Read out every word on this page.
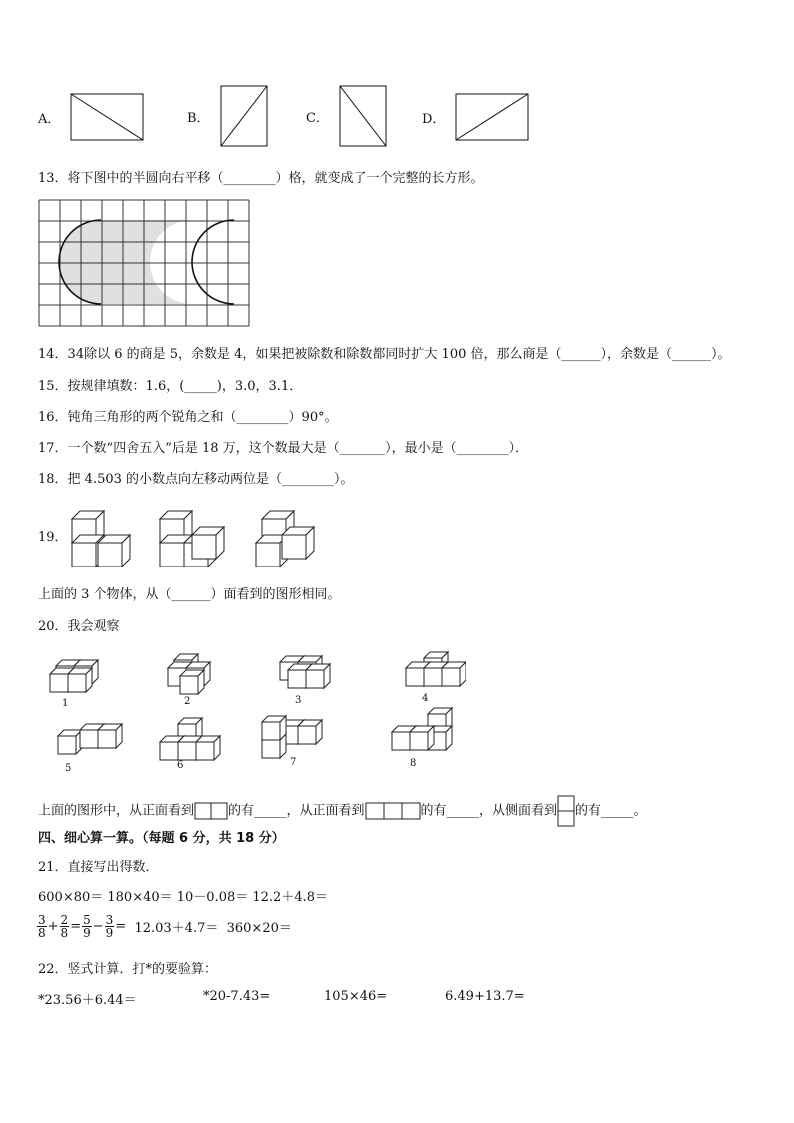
A．	B．	C．	D．
13．将下图中的半圆向右平移（________）格，就变成了一个完整的长方形。
14．34除以 6 的商是 5，余数是 4，如果把被除数和除数都同时扩大 100 倍，那么商是（______），余数是（______）。
15．按规律填数：1.6，(_____)，3.0，3.1．
16．钝角三角形的两个锐角之和（________）90°。
17．一个数“四舍五入”后是 18 万，这个数最大是（_______），最小是（________）．
18．把 4.503 的小数点向左移动两位是（________）。
19．
上面的 3 个物体，从（______）面看到的图形相同。
20．我会观察
1	2	3	4
5	6	7	8
上面的图形中，从正面看到	的有_____，从正面看到	的有_____，从侧面看到 的有_____。
四、细心算一算。（每题 6 分，共 18 分）
21．直接写出得数．
600×80＝ 180×40＝ 10－0.08＝ 12.2＋4.8＝
$\frac{3}{8} + \frac{2}{8} = \frac{5}{9} - \frac{3}{9} = 12.03+4.7= 360\times 20=$
22．竖式计算．打*的要验算：
*23.56＋6.44＝	*20-7.43=	105×46=	6.49+13.7=
